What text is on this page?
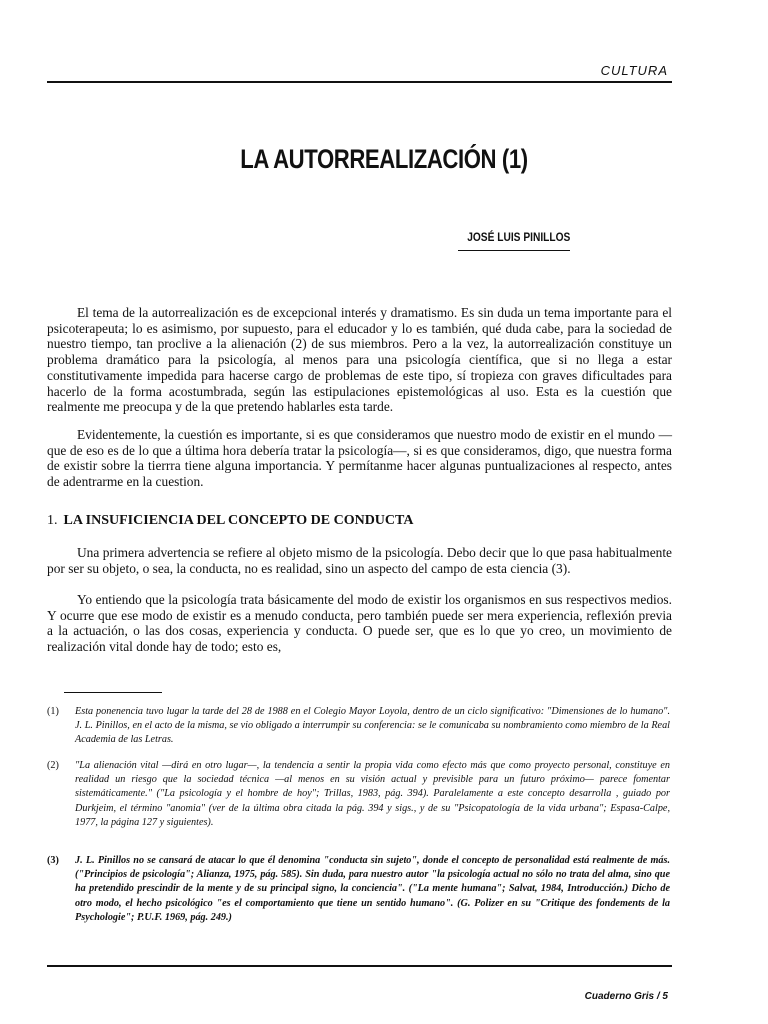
CULTURA
LA AUTORREALIZACIÓN (1)
JOSÉ LUIS PINILLOS

El tema de la autorrealización es de excepcional interés y dramatismo. Es sin duda un tema importante para el psicoterapeuta; lo es asimismo, por supuesto, para el educador y lo es también, qué duda cabe, para la sociedad de nuestro tiempo, tan proclive a la alienación (2) de sus miembros. Pero a la vez, la autorrealización constituye un problema dramático para la psicología, al menos para una psicología científica, que si no llega a estar constitutivamente impedida para hacerse cargo de problemas de este tipo, sí tropieza con graves dificultades para hacerlo de la forma acostumbrada, según las estipulaciones epistemológicas al uso. Esta es la cuestión que realmente me preocupa y de la que pretendo hablarles esta tarde.

Evidentemente, la cuestión es importante, si es que consideramos que nuestro modo de existir en el mundo —que de eso es de lo que a última hora debería tratar la psicología—, si es que consideramos, digo, que nuestra forma de existir sobre la tierrra tiene alguna importancia. Y permítanme hacer algunas puntualizaciones al respecto, antes de adentrarme en la cuestion.

1. LA INSUFICIENCIA DEL CONCEPTO DE CONDUCTA

Una primera advertencia se refiere al objeto mismo de la psicología. Debo decir que lo que pasa habitualmente por ser su objeto, o sea, la conducta, no es realidad, sino un aspecto del campo de esta ciencia (3).

Yo entiendo que la psicología trata básicamente del modo de existir los organismos en sus respectivos medios. Y ocurre que ese modo de existir es a menudo conducta, pero también puede ser mera experiencia, reflexión previa a la actuación, o las dos cosas, experiencia y conducta. O puede ser, que es lo que yo creo, un movimiento de realización vital donde hay de todo; esto es,

(1) Esta ponenencia tuvo lugar la tarde del 28 de 1988 en el Colegio Mayor Loyola, dentro de un ciclo significativo: "Dimensiones de lo humano". J. L. Pinillos, en el acto de la misma, se vio obligado a interrumpir su conferencia: se le comunicaba su nombramiento como miembro de la Real Academia de las Letras.
(2) "La alienación vital —dirá en otro lugar—, la tendencia a sentir la propia vida como efecto más que como proyecto personal, constituye en realidad un riesgo que la sociedad técnica —al menos en su visión actual y previsible para un futuro próximo— parece fomentar sistemáticamente." ("La psicología y el hombre de hoy"; Trillas, 1983, pág. 394). Paralelamente a este concepto desarrolla , guiado por Durkjeim, el término "anomia" (ver de la última obra citada la pág. 394 y sigs., y de su "Psicopatología de la vida urbana"; Espasa-Calpe, 1977, la página 127 y siguientes).
(3) J. L. Pinillos no se cansará de atacar lo que él denomina "conducta sin sujeto", donde el concepto de personalidad está realmente de más. ("Principios de psicología"; Alianza, 1975, pág. 585). Sin duda, para nuestro autor "la psicología actual no sólo no trata del alma, sino que ha pretendido prescindir de la mente y de su principal signo, la conciencia". ("La mente humana"; Salvat, 1984, Introducción.) Dicho de otro modo, el hecho psicológico "es el comportamiento que tiene un sentido humano". (G. Polizer en su "Critique des fondements de la Psychologie"; P.U.F. 1969, pág. 249.)
Cuaderno Gris / 5
